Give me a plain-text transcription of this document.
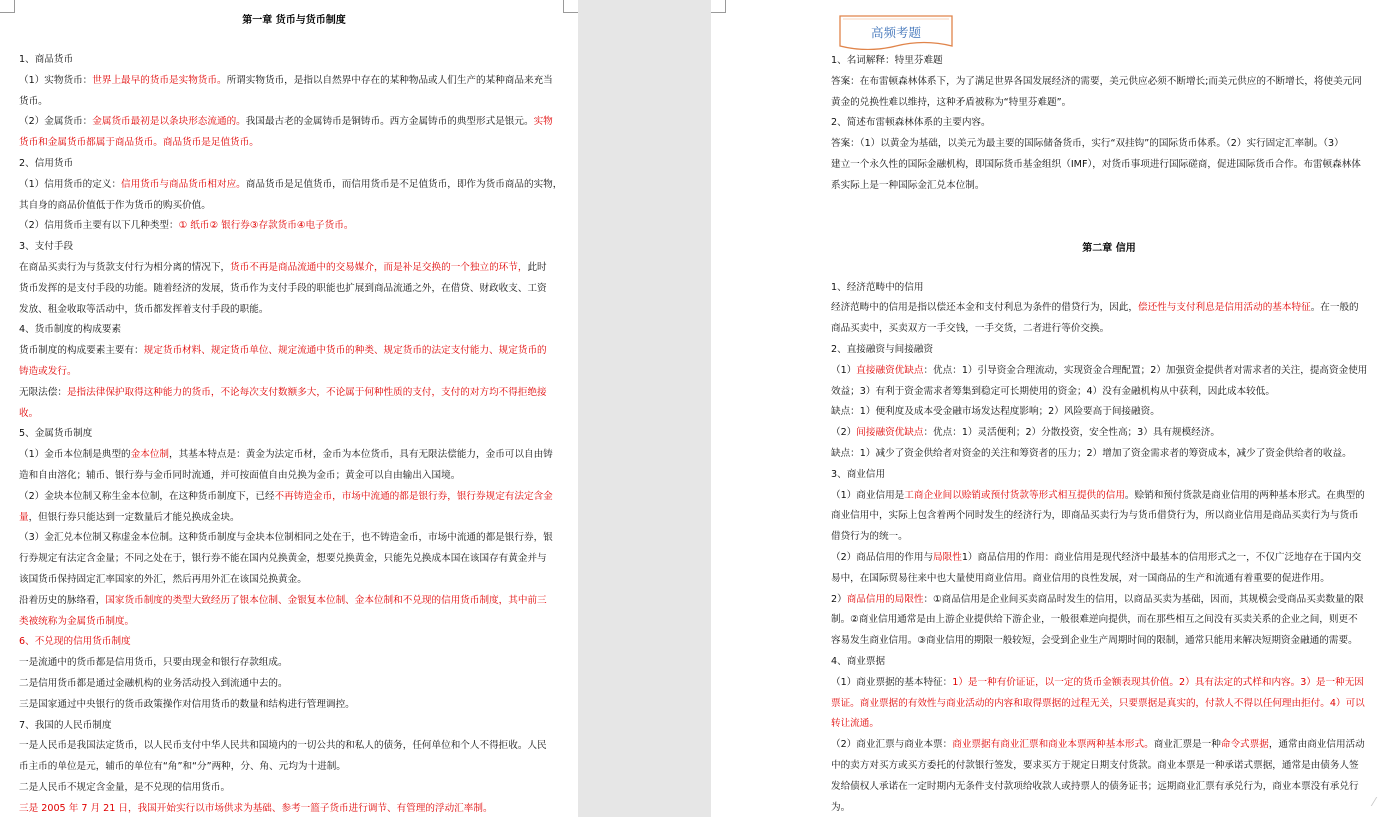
第一章 货币与货币制度
1、商品货币
（1）实物货币：世界上最早的货币是实物货币。所谓实物货币，是指以自然界中存在的某种物品或人们生产的某种商品来充当
货币。
（2）金属货币：金属货币最初是以条块形态流通的。我国最古老的金属铸币是铜铸币。西方金属铸币的典型形式是银元。实物
货币和金属货币都属于商品货币。商品货币是足值货币。
2、信用货币
（1）信用货币的定义：信用货币与商品货币相对应。商品货币是足值货币，而信用货币是不足值货币，即作为货币商品的实物，
其自身的商品价值低于作为货币的购买价值。
（2）信用货币主要有以下几种类型：① 纸币② 银行券③存款货币④电子货币。
3、支付手段
在商品买卖行为与货款支付行为相分离的情况下，货币不再是商品流通中的交易媒介，而是补足交换的一个独立的环节，此时
货币发挥的是支付手段的功能。随着经济的发展，货币作为支付手段的职能也扩展到商品流通之外，在借贷、财政收支、工资
发放、租金收取等活动中，货币都发挥着支付手段的职能。
4、货币制度的构成要素
货币制度的构成要素主要有：规定货币材料、规定货币单位、规定流通中货币的种类、规定货币的法定支付能力、规定货币的
铸造或发行。
无限法偿：是指法律保护取得这种能力的货币，不论每次支付数额多大，不论属于何种性质的支付，支付的对方均不得拒绝接
收。
5、金属货币制度
（1）金币本位制是典型的金本位制，其基本特点是：黄金为法定币材，金币为本位货币，具有无限法偿能力，金币可以自由铸
造和自由溶化；辅币、银行券与金币同时流通，并可按面值自由兑换为金币；黄金可以自由输出入国境。
（2）金块本位制又称生金本位制，在这种货币制度下，已经不再铸造金币，市场中流通的都是银行券，银行券规定有法定含金
量，但银行券只能达到一定数量后才能兑换成金块。
（3）金汇兑本位制又称虚金本位制。这种货币制度与金块本位制相同之处在于，也不铸造金币，市场中流通的都是银行券，银
行券规定有法定含金量；不同之处在于，银行券不能在国内兑换黄金，想要兑换黄金，只能先兑换成本国在该国存有黄金并与
该国货币保持固定汇率国家的外汇，然后再用外汇在该国兑换黄金。
沿着历史的脉络看，国家货币制度的类型大致经历了银本位制、金银复本位制、金本位制和不兑现的信用货币制度，其中前三
类被统称为金属货币制度。
6、不兑现的信用货币制度
一是流通中的货币都是信用货币，只要由现金和银行存款组成。
二是信用货币都是通过金融机构的业务活动投入到流通中去的。
三是国家通过中央银行的货币政策操作对信用货币的数量和结构进行管理调控。
7、我国的人民币制度
一是人民币是我国法定货币，以人民币支付中华人民共和国境内的一切公共的和私人的债务，任何单位和个人不得拒收。人民
币主币的单位是元，辅币的单位有“角”和“分”两种，分、角、元均为十进制。
二是人民币不规定含金量，是不兑现的信用货币。
三是 2005 年 7 月 21 日，我国开始实行以市场供求为基础、参考一篮子货币进行调节、有管理的浮动汇率制。
高频考题
1、名词解释：特里芬难题
答案：在布雷顿森林体系下，为了满足世界各国发展经济的需要，美元供应必须不断增长;而美元供应的不断增长，将使美元同
黄金的兑换性难以维持，这种矛盾被称为“特里芬难题”。
2、简述布雷顿森林体系的主要内容。
答案：（1）以黄金为基础，以美元为最主要的国际储备货币，实行“双挂钩”的国际货币体系。（2）实行固定汇率制。（3）
建立一个永久性的国际金融机构，即国际货币基金组织（IMF），对货币事项进行国际磋商，促进国际货币合作。布雷顿森林体
系实际上是一种国际金汇兑本位制。
第二章 信用
1、经济范畴中的信用
经济范畴中的信用是指以偿还本金和支付利息为条件的借贷行为，因此，偿还性与支付利息是信用活动的基本特征。在一般的
商品买卖中，买卖双方一手交钱，一手交货，二者进行等价交换。
2、直接融资与间接融资
（1）直接融资优缺点：优点：1）引导资金合理流动，实现资金合理配置；2）加强资金提供者对需求者的关注，提高资金使用
效益；3）有利于资金需求者筹集到稳定可长期使用的资金；4）没有金融机构从中获利，因此成本较低。
缺点：1）便利度及成本受金融市场发达程度影响；2）风险要高于间接融资。
（2）间接融资优缺点：优点：1）灵活便利；2）分散投资，安全性高；3）具有规模经济。
缺点：1）减少了资金供给者对资金的关注和筹资者的压力；2）增加了资金需求者的筹资成本，减少了资金供给者的收益。
3、商业信用
（1）商业信用是工商企业间以赊销或预付货款等形式相互提供的信用。赊销和预付货款是商业信用的两种基本形式。在典型的
商业信用中，实际上包含着两个同时发生的经济行为，即商品买卖行为与货币借贷行为，所以商业信用是商品买卖行为与货币
借贷行为的统一。
（2）商品信用的作用与局限性1）商品信用的作用：商业信用是现代经济中最基本的信用形式之一，不仅广泛地存在于国内交
易中，在国际贸易往来中也大量使用商业信用。商业信用的良性发展，对一国商品的生产和流通有着重要的促进作用。
2）商品信用的局限性：①商品信用是企业间买卖商品时发生的信用，以商品买卖为基础，因而，其规模会受商品买卖数量的限
制。②商业信用通常是由上游企业提供给下游企业，一般很难逆向提供，而在那些相互之间没有买卖关系的企业之间，则更不
容易发生商业信用。③商业信用的期限一般较短，会受到企业生产周期时间的限制，通常只能用来解决短期资金融通的需要。
4、商业票据
（1）商业票据的基本特征：1）是一种有价证证，以一定的货币金额表现其价值。2）具有法定的式样和内容。3）是一种无因
票证。商业票据的有效性与商业活动的内容和取得票据的过程无关，只要票据是真实的，付款人不得以任何理由拒付。4）可以
转让流通。
（2）商业汇票与商业本票：商业票据有商业汇票和商业本票两种基本形式。商业汇票是一种命令式票据，通常由商业信用活动
中的卖方对买方或买方委托的付款银行签发，要求买方于规定日期支付货款。商业本票是一种承诺式票据，通常是由债务人签
发给债权人承诺在一定时期内无条件支付款项给收款人或持票人的债务证书；远期商业汇票有承兑行为，商业本票没有承兑行
为。	⁄
